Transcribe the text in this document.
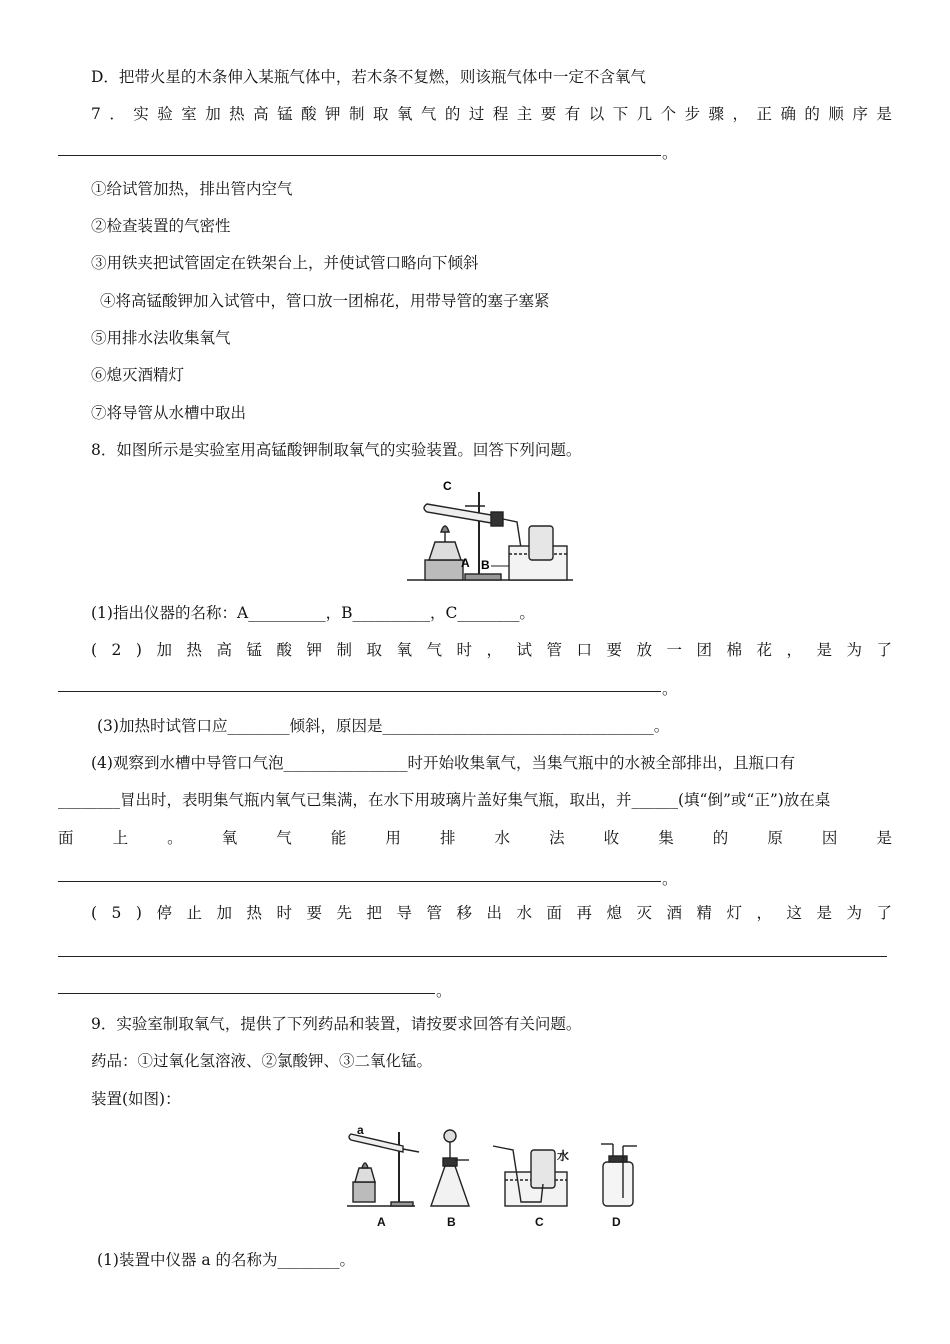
D．把带火星的木条伸入某瓶气体中，若木条不复燃，则该瓶气体中一定不含氧气
7 ． 实 验 室 加 热 高 锰 酸 钾 制 取 氧 气 的 过 程 主 要 有 以 下 几 个 步 骤 ， 正 确 的 顺 序 是
。
①给试管加热，排出管内空气
②检查装置的气密性
③用铁夹把试管固定在铁架台上，并使试管口略向下倾斜
④将高锰酸钾加入试管中，管口放一团棉花，用带导管的塞子塞紧
⑤用排水法收集氧气
⑥熄灭酒精灯
⑦将导管从水槽中取出
8．如图所示是实验室用高锰酸钾制取氧气的实验装置。回答下列问题。
C
A B
(1)指出仪器的名称：A__________，B__________，C________。
( 2 ) 加 热 高 锰 酸 钾 制 取 氧 气 时 ， 试 管 口 要 放 一 团 棉 花 ， 是 为 了
。
(3)加热时试管口应________倾斜，原因是___________________________________。
(4)观察到水槽中导管口气泡________________时开始收集氧气，当集气瓶中的水被全部排出，且瓶口有
________冒出时，表明集气瓶内氧气已集满，在水下用玻璃片盖好集气瓶，取出，并______(填“倒”或“正”)放在桌
面	上	。	氧	气	能	用	排	水	法	收	集	的	原	因	是
。
( 5 ) 停 止 加 热 时 要 先 把 导 管 移 出 水 面 再 熄 灭 酒 精 灯 ， 这 是 为 了
。
9．实验室制取氧气，提供了下列药品和装置，请按要求回答有关问题。
药品：①过氧化氢溶液、②氯酸钾、③二氧化锰。
装置(如图)：
a
水
A	B	C	D
(1)装置中仪器 a 的名称为________。
